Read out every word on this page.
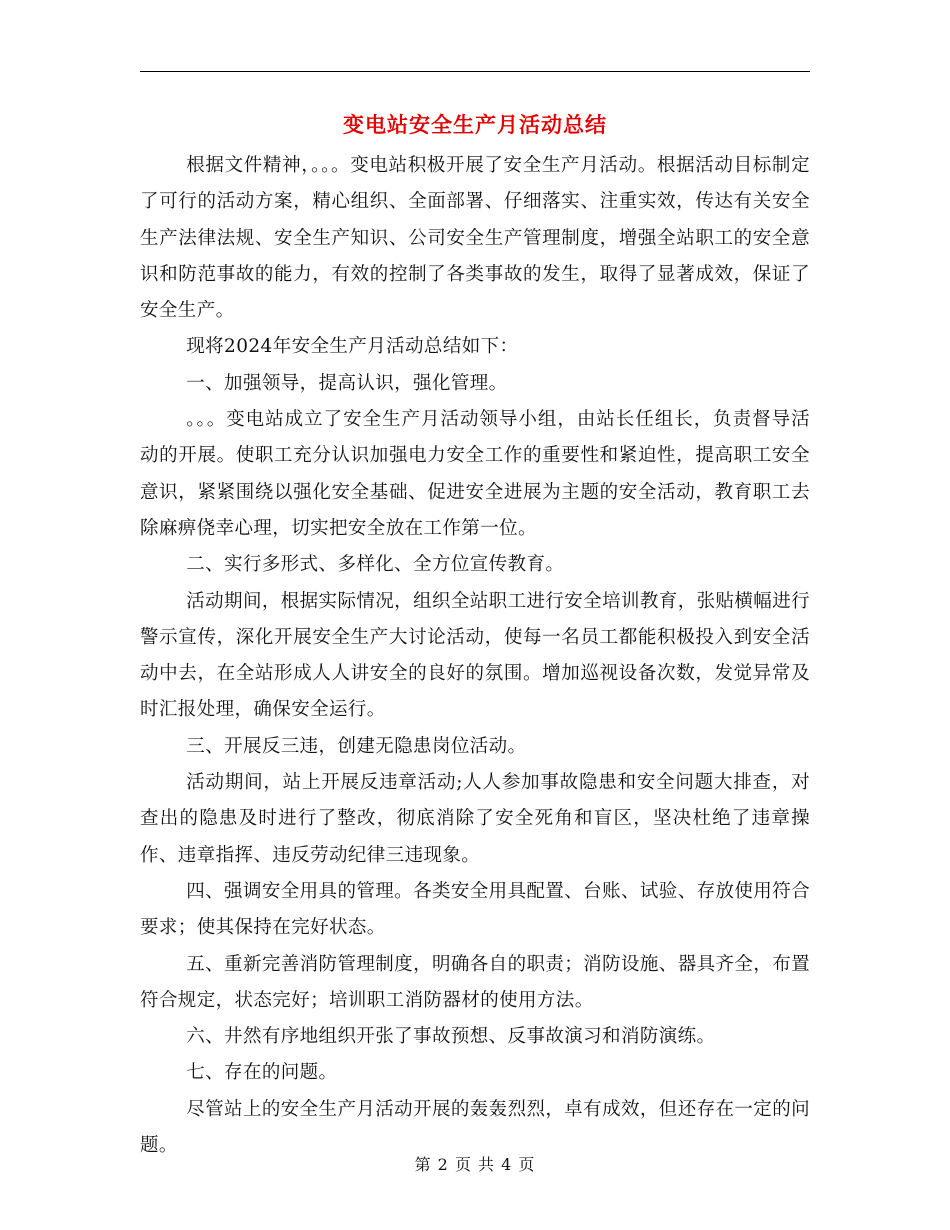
变电站安全生产月活动总结

根据文件精神，。。。变电站积极开展了安全生产月活动。根据活动目标制定了可行的活动方案，精心组织、全面部署、仔细落实、注重实效，传达有关安全生产法律法规、安全生产知识、公司安全生产管理制度，增强全站职工的安全意识和防范事故的能力，有效的控制了各类事故的发生，取得了显著成效，保证了安全生产。

现将2024年安全生产月活动总结如下：

一、加强领导，提高认识，强化管理。

。。。变电站成立了安全生产月活动领导小组，由站长任组长，负责督导活动的开展。使职工充分认识加强电力安全工作的重要性和紧迫性，提高职工安全意识，紧紧围绕以强化安全基础、促进安全进展为主题的安全活动，教育职工去除麻痹侥幸心理，切实把安全放在工作第一位。

二、实行多形式、多样化、全方位宣传教育。

活动期间，根据实际情况，组织全站职工进行安全培训教育，张贴横幅进行警示宣传，深化开展安全生产大讨论活动，使每一名员工都能积极投入到安全活动中去，在全站形成人人讲安全的良好的氛围。增加巡视设备次数，发觉异常及时汇报处理，确保安全运行。

三、开展反三违，创建无隐患岗位活动。

活动期间，站上开展反违章活动;人人参加事故隐患和安全问题大排查，对查出的隐患及时进行了整改，彻底消除了安全死角和盲区，坚决杜绝了违章操作、违章指挥、违反劳动纪律三违现象。

四、强调安全用具的管理。各类安全用具配置、台账、试验、存放使用符合要求；使其保持在完好状态。

五、重新完善消防管理制度，明确各自的职责；消防设施、器具齐全，布置符合规定，状态完好；培训职工消防器材的使用方法。

六、井然有序地组织开张了事故预想、反事故演习和消防演练。

七、存在的问题。

尽管站上的安全生产月活动开展的轰轰烈烈，卓有成效，但还存在一定的问题。

第 2 页 共 4 页
